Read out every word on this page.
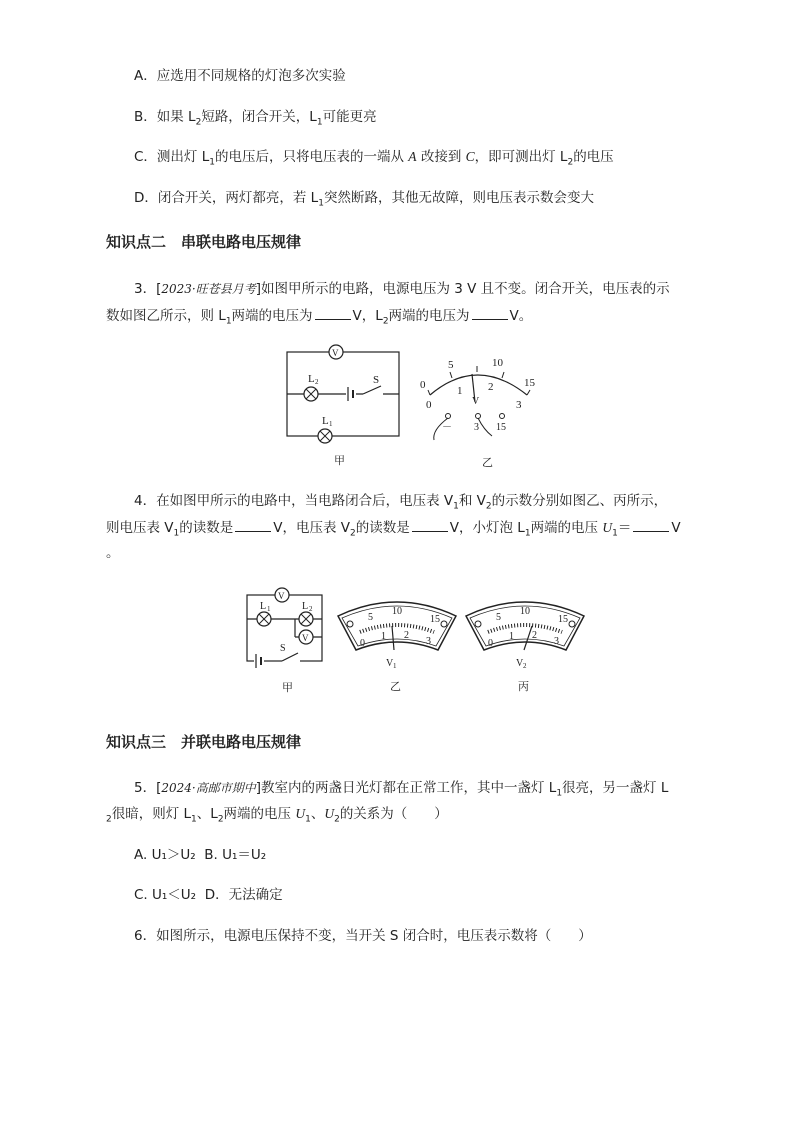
A．应选用不同规格的灯泡多次实验
B．如果 $L_2$短路，闭合开关，$L_1$可能更亮
C．测出灯 $L_1$的电压后，只将电压表的一端从 A 改接到 C，即可测出灯 $L_2$的电压
D．闭合开关，两灯都亮，若 $L_1$突然断路，其他无故障，则电压表示数会变大
知识点二　串联电路电压规律
3．[2023·旺苍县月考]如图甲所示的电路，电源电压为 3 V 且不变。闭合开关，电压表的示
数如图乙所示，则 $L_1$两端的电压为	V，$L_2$两端的电压为	V。
V
L 2	S
L 1
甲
0
5	10
15
0
1 2
3
V
－ 3 15
乙
4．在如图甲所示的电路中，当电路闭合后，电压表 $V_1$和 $V_2$的示数分别如图乙、丙所示，
则电压表 $V_1$的读数是	V，电压表 $V_2$的读数是	V，小灯泡 $L_1$两端的电压 $U_1=$	V
。
V
V
L 1	L 2
S
甲
5
10
15
0
1 2
3
V 1
乙
5
10
15
0
1 2
3
V 2
丙
知识点三　并联电路电压规律
5．[2024·高邮市期中]教室内的两盏日光灯都在正常工作，其中一盏灯 $L_1$很亮，另一盏灯 L
$_2$很暗，则灯 $L_1$、$L_2$两端的电压 $U_1$、$U_2$的关系为（　　）
A. U₁＞U₂ B. U₁＝U₂
C. U₁＜U₂ D．无法确定
6．如图所示，电源电压保持不变，当开关 S 闭合时，电压表示数将（　　）
